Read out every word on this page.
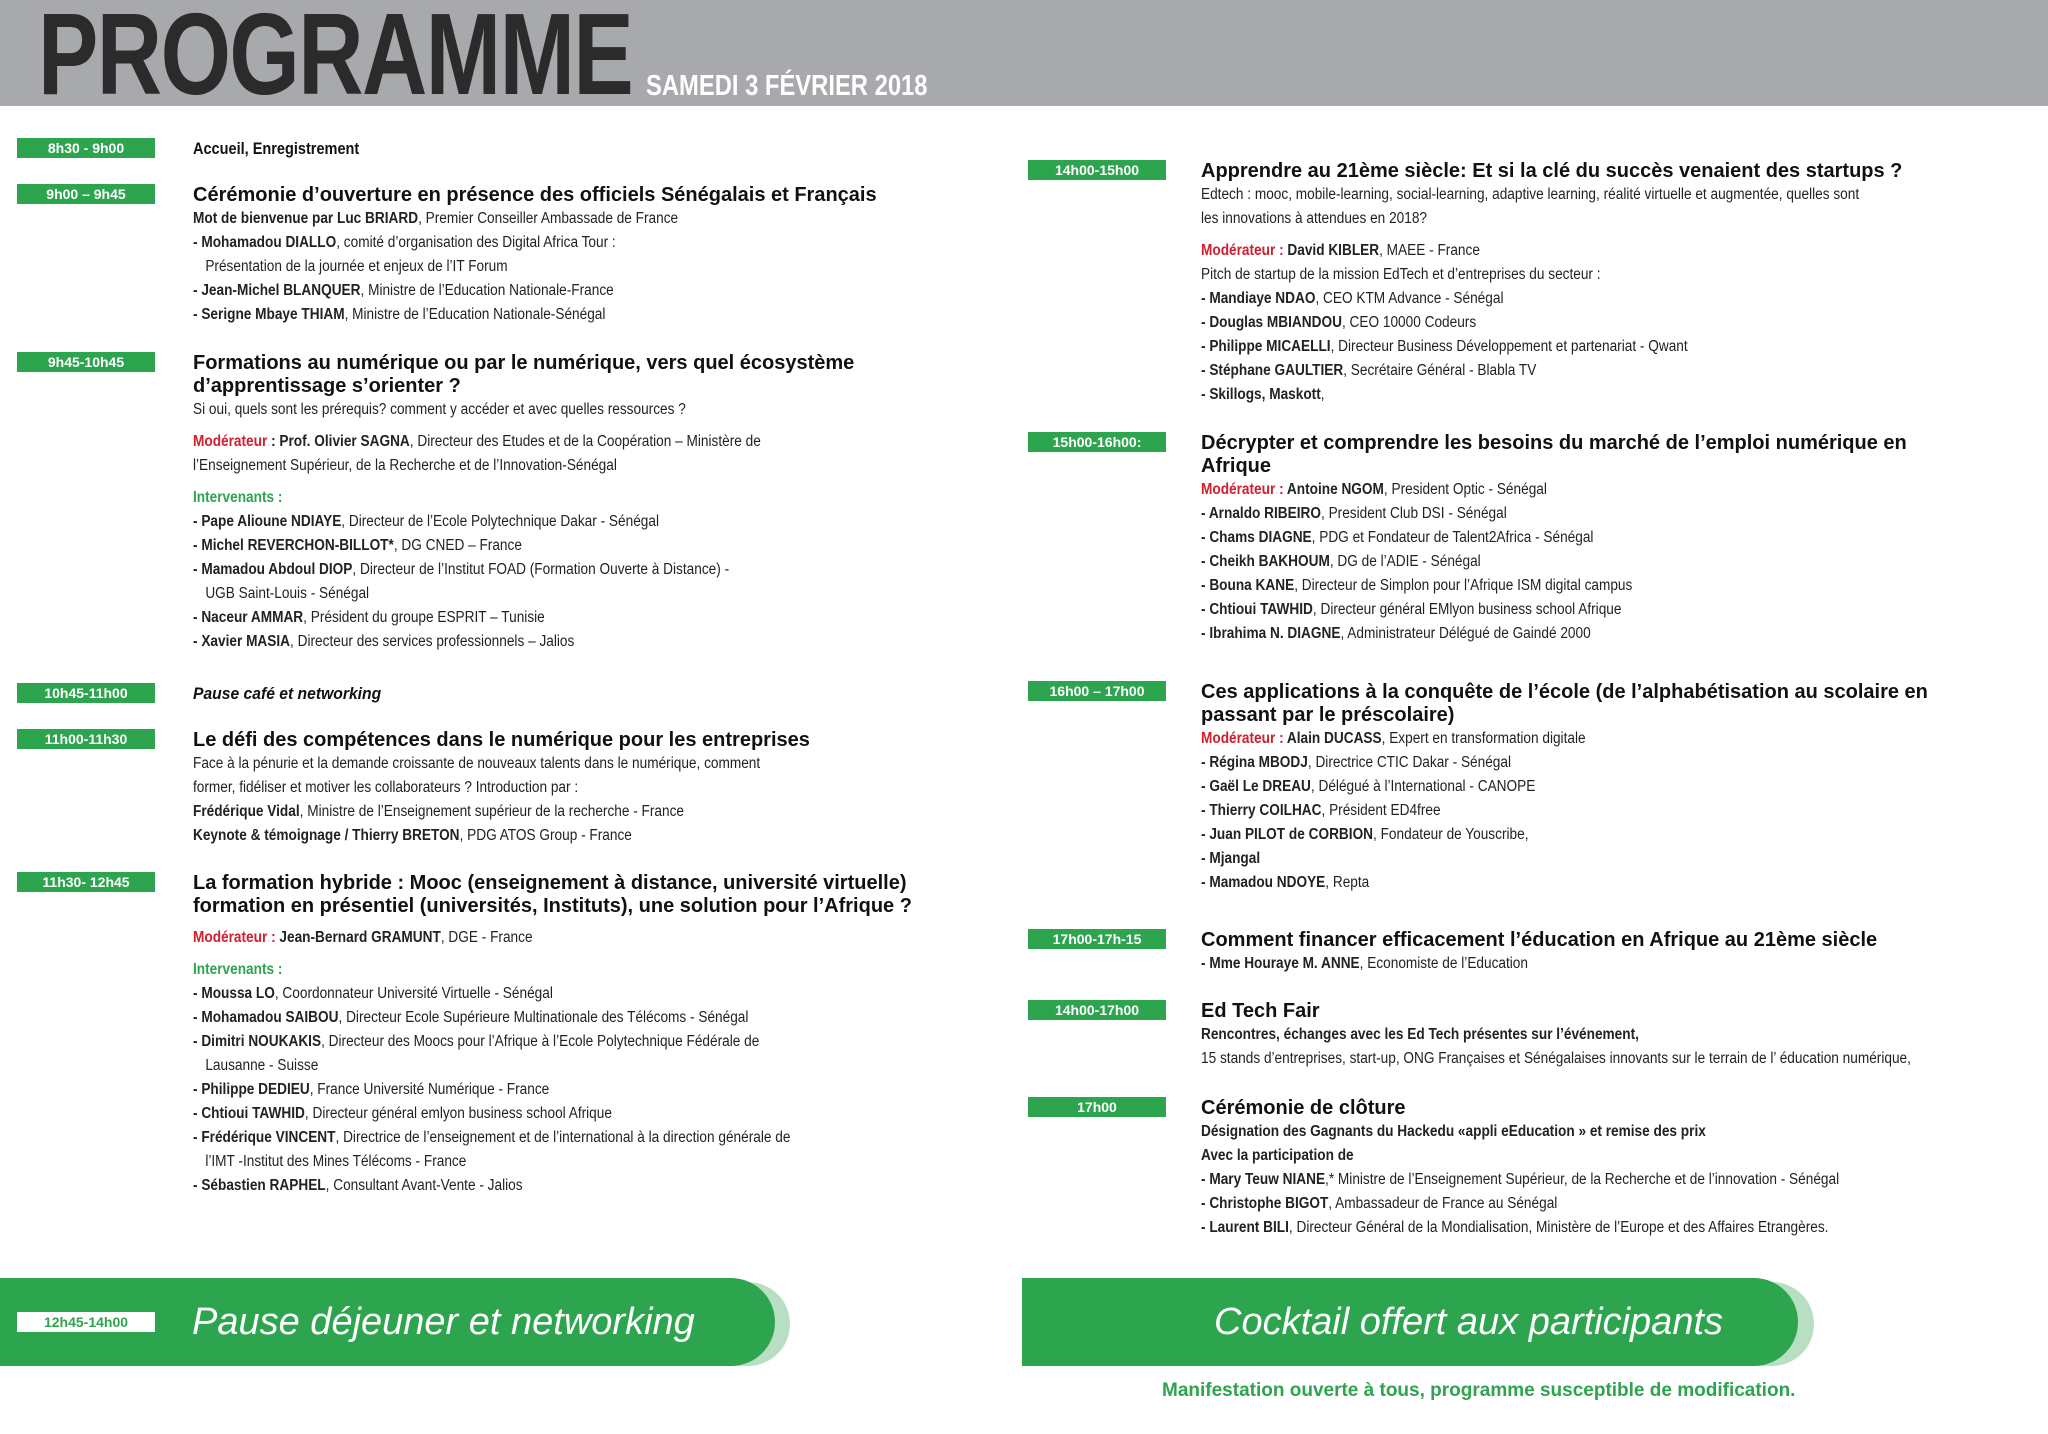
PROGRAMME SAMEDI 3 FÉVRIER 2018
8h30 - 9h00	Accueil, Enregistrement
9h00 – 9h45	Cérémonie d’ouverture en présence des officiels Sénégalais et Français
Mot de bienvenue par Luc BRIARD, Premier Conseiller Ambassade de France
- Mohamadou DIALLO, comité d’organisation des Digital Africa Tour :
Présentation de la journée et enjeux de l’IT Forum
- Jean-Michel BLANQUER, Ministre de l’Education Nationale-France
- Serigne Mbaye THIAM, Ministre de l’Education Nationale-Sénégal
9h45-10h45	Formations au numérique ou par le numérique, vers quel écosystème d’apprentissage s’orienter ?
Si oui, quels sont les prérequis? comment y accéder et avec quelles ressources ?
Modérateur : Prof. Olivier SAGNA, Directeur des Etudes et de la Coopération – Ministère de
l’Enseignement Supérieur, de la Recherche et de l’Innovation-Sénégal
Intervenants :
- Pape Alioune NDIAYE, Directeur de l’Ecole Polytechnique Dakar - Sénégal
- Michel REVERCHON-BILLOT*, DG CNED – France
- Mamadou Abdoul DIOP, Directeur de l’Institut FOAD (Formation Ouverte à Distance) -
UGB Saint-Louis - Sénégal
- Naceur AMMAR, Président du groupe ESPRIT – Tunisie
- Xavier MASIA, Directeur des services professionnels – Jalios
10h45-11h00	Pause café et networking
11h00-11h30	Le défi des compétences dans le numérique pour les entreprises
Face à la pénurie et la demande croissante de nouveaux talents dans le numérique, comment
former, fidéliser et motiver les collaborateurs ? Introduction par :
Frédérique Vidal, Ministre de l’Enseignement supérieur de la recherche - France
Keynote & témoignage / Thierry BRETON, PDG ATOS Group - France
11h30- 12h45	La formation hybride : Mooc (enseignement à distance, université virtuelle) formation en présentiel (universités, Instituts), une solution pour l’Afrique ?
Modérateur : Jean-Bernard GRAMUNT, DGE - France
Intervenants :
- Moussa LO, Coordonnateur Université Virtuelle - Sénégal
- Mohamadou SAIBOU, Directeur Ecole Supérieure Multinationale des Télécoms - Sénégal
- Dimitri NOUKAKIS, Directeur des Moocs pour l’Afrique à l’Ecole Polytechnique Fédérale de
Lausanne - Suisse
- Philippe DEDIEU, France Université Numérique - France
- Chtioui TAWHID, Directeur général emlyon business school Afrique
- Frédérique VINCENT, Directrice de l’enseignement et de l’international à la direction générale de
l’IMT -Institut des Mines Télécoms - France
- Sébastien RAPHEL, Consultant Avant-Vente - Jalios
14h00-15h00	Apprendre au 21ème siècle: Et si la clé du succès venaient des startups ?
Edtech : mooc, mobile-learning, social-learning, adaptive learning, réalité virtuelle et augmentée, quelles sont
les innovations à attendues en 2018?
Modérateur : David KIBLER, MAEE - France
Pitch de startup de la mission EdTech et d’entreprises du secteur :
- Mandiaye NDAO, CEO KTM Advance - Sénégal
- Douglas MBIANDOU, CEO 10000 Codeurs
- Philippe MICAELLI, Directeur Business Développement et partenariat - Qwant
- Stéphane GAULTIER, Secrétaire Général - Blabla TV
- Skillogs, Maskott,
15h00-16h00:	Décrypter et comprendre les besoins du marché de l’emploi numérique en Afrique
Modérateur : Antoine NGOM, President Optic - Sénégal
- Arnaldo RIBEIRO, President Club DSI - Sénégal
- Chams DIAGNE, PDG et Fondateur de Talent2Africa - Sénégal
- Cheikh BAKHOUM, DG de l’ADIE - Sénégal
- Bouna KANE, Directeur de Simplon pour l’Afrique ISM digital campus
- Chtioui TAWHID, Directeur général EMlyon business school Afrique
- Ibrahima N. DIAGNE, Administrateur Délégué de Gaindé 2000
16h00 – 17h00	Ces applications à la conquête de l’école (de l’alphabétisation au scolaire en passant par le préscolaire)
Modérateur : Alain DUCASS, Expert en transformation digitale
- Régina MBODJ, Directrice CTIC Dakar - Sénégal
- Gaël Le DREAU, Délégué à l’International - CANOPE
- Thierry COILHAC, Président ED4free
- Juan PILOT de CORBION, Fondateur de Youscribe,
- Mjangal
- Mamadou NDOYE, Repta
17h00-17h-15	Comment financer efficacement l’éducation en Afrique au 21ème siècle
- Mme Houraye M. ANNE, Economiste de l’Education
14h00-17h00	Ed Tech Fair
Rencontres, échanges avec les Ed Tech présentes sur l’événement,
15 stands d’entreprises, start-up, ONG Françaises et Sénégalaises innovants sur le terrain de l’ éducation numérique,
17h00	Cérémonie de clôture
Désignation des Gagnants du Hackedu «appli eEducation » et remise des prix
Avec la participation de
- Mary Teuw NIANE,* Ministre de l’Enseignement Supérieur, de la Recherche et de l’innovation - Sénégal
- Christophe BIGOT, Ambassadeur de France au Sénégal
- Laurent BILI, Directeur Général de la Mondialisation, Ministère de l’Europe et des Affaires Etrangères.
12h45-14h00	Pause déjeuner et networking	Cocktail offert aux participants
Manifestation ouverte à tous, programme susceptible de modification.
